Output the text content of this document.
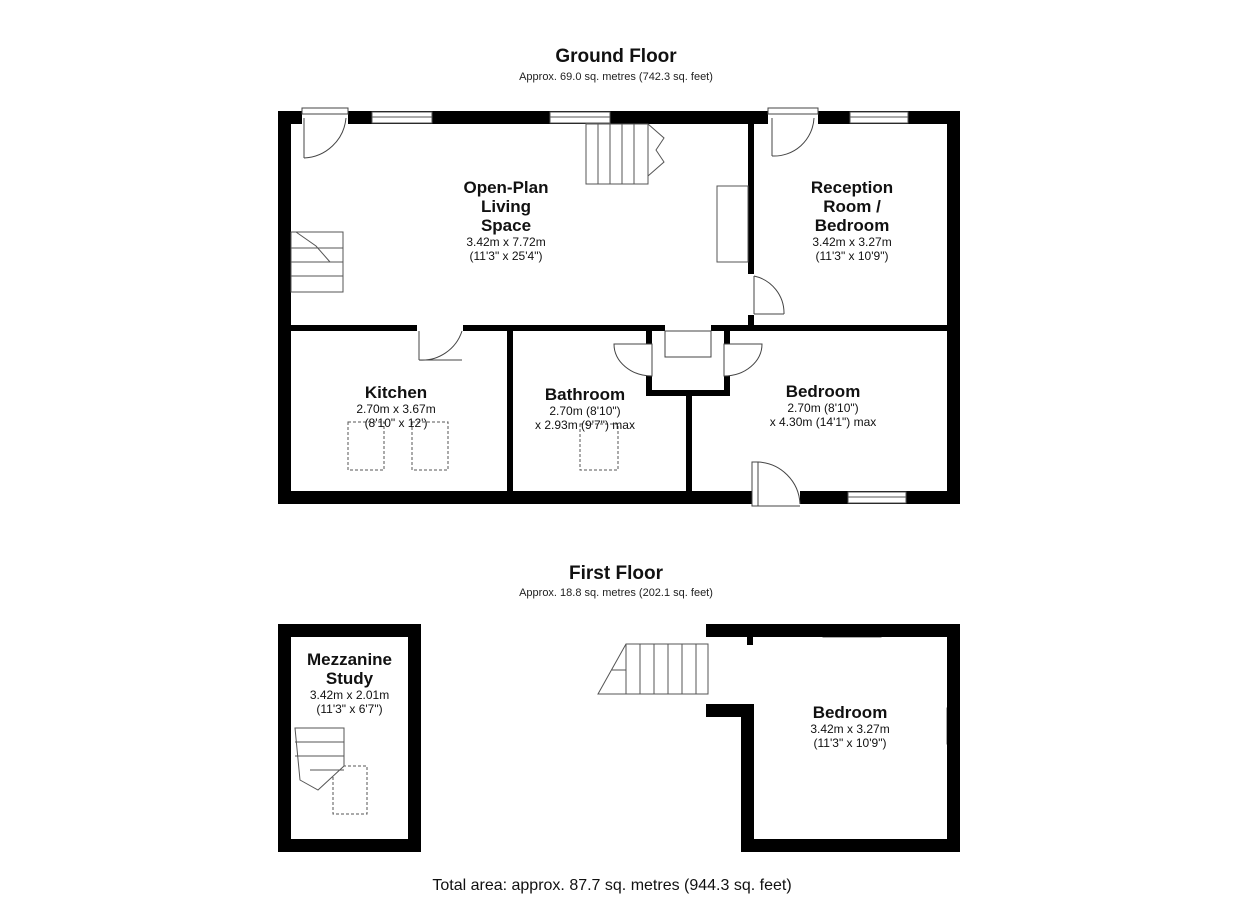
Ground Floor
Approx. 69.0 sq. metres (742.3 sq. feet)
First Floor
Approx. 18.8 sq. metres (202.1 sq. feet)
Open-Plan
Living
Space
3.42m x 7.72m
(11'3" x 25'4")
Reception
Room /
Bedroom
3.42m x 3.27m
(11'3" x 10'9")
Kitchen
2.70m x 3.67m
(8'10" x 12')
Bathroom
2.70m (8'10")
x 2.93m (9'7") max
Bedroom
2.70m (8'10")
x 4.30m (14'1") max
Mezzanine
Study
3.42m x 2.01m
(11'3" x 6'7")	Bedroom
3.42m x 3.27m
(11'3" x 10'9")
Total area: approx. 87.7 sq. metres (944.3 sq. feet)
